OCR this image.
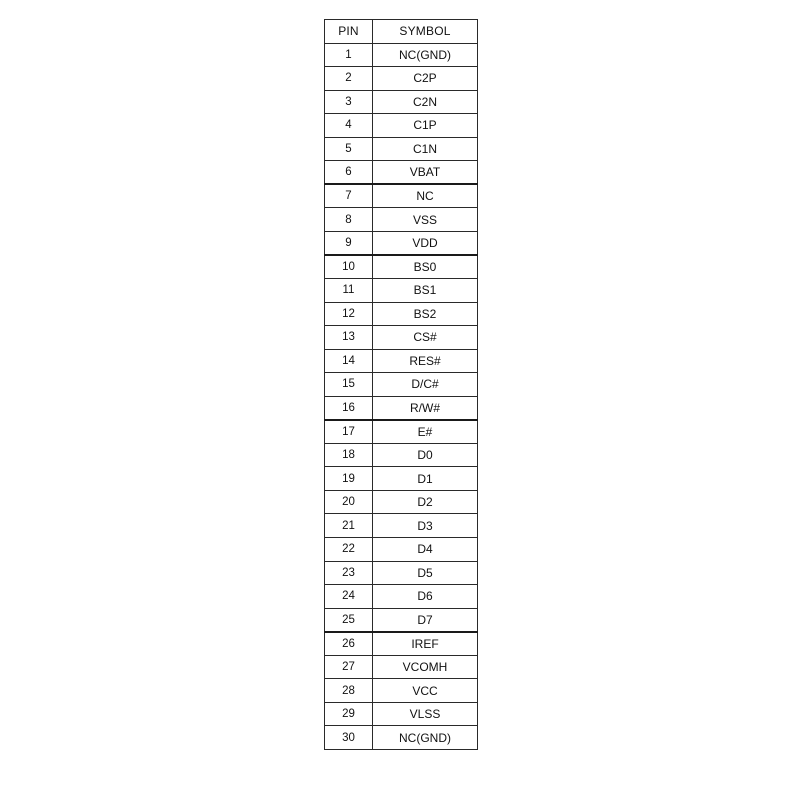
PIN	SYMBOL
1	NC(GND)
2	C2P
3	C2N
4	C1P
5	C1N
6	VBAT
7	NC
8	VSS
9	VDD
10	BS0
11	BS1
12	BS2
13	CS#
14	RES#
15	D/C#
16	R/W#
17	E#
18	D0
19	D1
20	D2
21	D3
22	D4
23	D5
24	D6
25	D7
26	IREF
27	VCOMH
28	VCC
29	VLSS
30	NC(GND)
